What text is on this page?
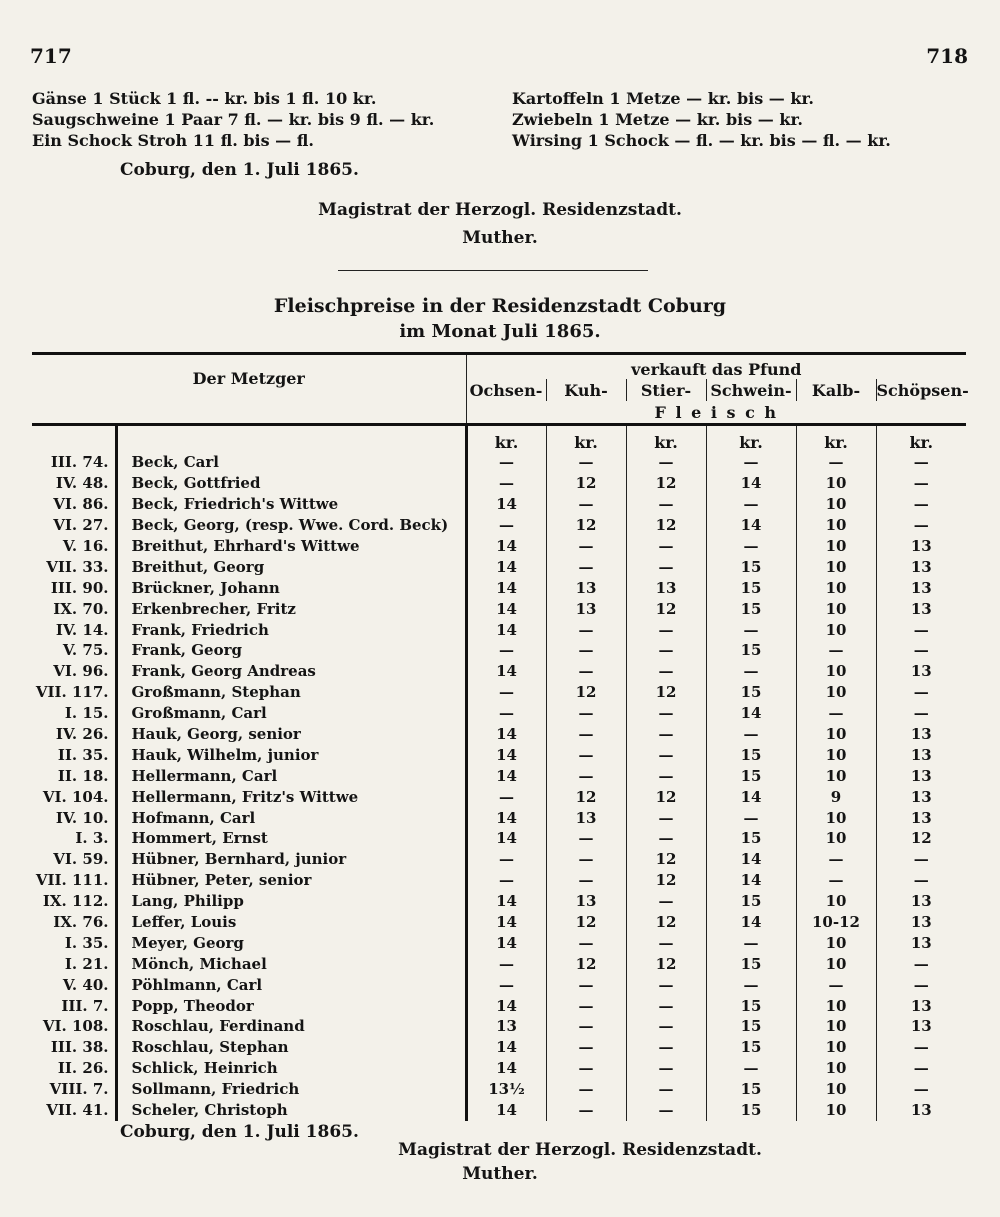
717	718
Gänse 1 Stück 1 fl. -- kr. bis 1 fl. 10 kr.
Saugschweine 1 Paar 7 fl. — kr. bis 9 fl. — kr.
Ein Schock Stroh 11 fl. bis — fl.
Kartoffeln 1 Metze — kr. bis — kr.
Zwiebeln 1 Metze — kr. bis — kr.
Wirsing 1 Schock — fl. — kr. bis — fl. — kr.
Coburg, den 1. Juli 1865.
Magistrat der Herzogl. Residenzstadt.
Muther.
Fleischpreise in der Residenzstadt Coburg
im Monat Juli 1865.
Der Metzger		verkauft das Pfund					
		Ochsen-	Kuh-	Stier-	Schwein-	Kalb-	Schöpsen-
		F l e i s c h					
		kr.	kr.	kr.	kr.	kr.	kr.
III. 74.	Beck, Carl	—	—	—	—	—	—
IV. 48.	Beck, Gottfried	—	12	12	14	10	—
VI. 86.	Beck, Friedrich's Wittwe	14	—	—	—	10	—
VI. 27.	Beck, Georg, (resp. Wwe. Cord. Beck)	—	12	12	14	10	—
V. 16.	Breithut, Ehrhard's Wittwe	14	—	—	—	10	13
VII. 33.	Breithut, Georg	14	—	—	15	10	13
III. 90.	Brückner, Johann	14	13	13	15	10	13
IX. 70.	Erkenbrecher, Fritz	14	13	12	15	10	13
IV. 14.	Frank, Friedrich	14	—	—	—	10	—
V. 75.	Frank, Georg	—	—	—	15	—	—
VI. 96.	Frank, Georg Andreas	14	—	—	—	10	13
VII. 117.	Großmann, Stephan	—	12	12	15	10	—
I. 15.	Großmann, Carl	—	—	—	14	—	—
IV. 26.	Hauk, Georg, senior	14	—	—	—	10	13
II. 35.	Hauk, Wilhelm, junior	14	—	—	15	10	13
II. 18.	Hellermann, Carl	14	—	—	15	10	13
VI. 104.	Hellermann, Fritz's Wittwe	—	12	12	14	9	13
IV. 10.	Hofmann, Carl	14	13	—	—	10	13
I. 3.	Hommert, Ernst	14	—	—	15	10	12
VI. 59.	Hübner, Bernhard, junior	—	—	12	14	—	—
VII. 111.	Hübner, Peter, senior	—	—	12	14	—	—
IX. 112.	Lang, Philipp	14	13	—	15	10	13
IX. 76.	Leffer, Louis	14	12	12	14	10-12	13
I. 35.	Meyer, Georg	14	—	—	—	10	13
I. 21.	Mönch, Michael	—	12	12	15	10	—
V. 40.	Pöhlmann, Carl	—	—	—	—	—	—
III. 7.	Popp, Theodor	14	—	—	15	10	13
VI. 108.	Roschlau, Ferdinand	13	—	—	15	10	13
III. 38.	Roschlau, Stephan	14	—	—	15	10	—
II. 26.	Schlick, Heinrich	14	—	—	—	10	—
VIII. 7.	Sollmann, Friedrich	13½	—	—	15	10	—
VII. 41.	Scheler, Christoph	14	—	—	15	10	13
Coburg, den 1. Juli 1865.
Magistrat der Herzogl. Residenzstadt.
Muther.
